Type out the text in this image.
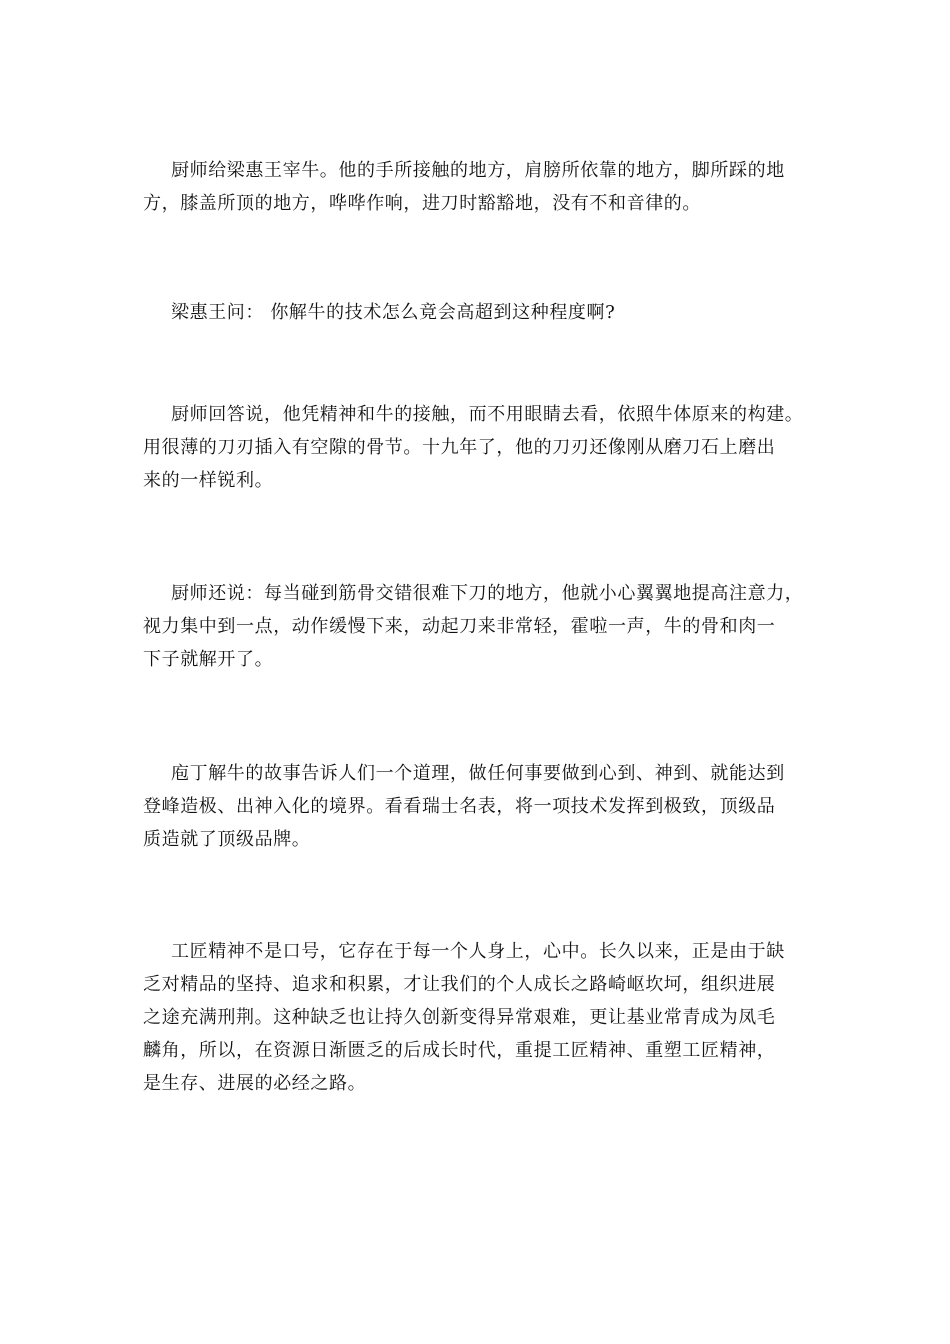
厨师给梁惠王宰牛。他的手所接触的地方，肩膀所依靠的地方，脚所踩的地
方，膝盖所顶的地方，哗哗作响，进刀时豁豁地，没有不和音律的。
梁惠王问： 你解牛的技术怎么竟会高超到这种程度啊?
厨师回答说，他凭精神和牛的接触，而不用眼睛去看，依照牛体原来的构建。
用很薄的刀刃插入有空隙的骨节。十九年了，他的刀刃还像刚从磨刀石上磨出
来的一样锐利。
厨师还说：每当碰到筋骨交错很难下刀的地方，他就小心翼翼地提高注意力，
视力集中到一点，动作缓慢下来，动起刀来非常轻，霍啦一声，牛的骨和肉一
下子就解开了。
庖丁解牛的故事告诉人们一个道理，做任何事要做到心到、神到、就能达到
登峰造极、出神入化的境界。看看瑞士名表，将一项技术发挥到极致，顶级品
质造就了顶级品牌。
工匠精神不是口号，它存在于每一个人身上，心中。长久以来，正是由于缺
乏对精品的坚持、追求和积累，才让我们的个人成长之路崎岖坎坷，组织进展
之途充满刑荆。这种缺乏也让持久创新变得异常艰难，更让基业常青成为凤毛
麟角，所以，在资源日渐匮乏的后成长时代，重提工匠精神、重塑工匠精神，
是生存、进展的必经之路。
